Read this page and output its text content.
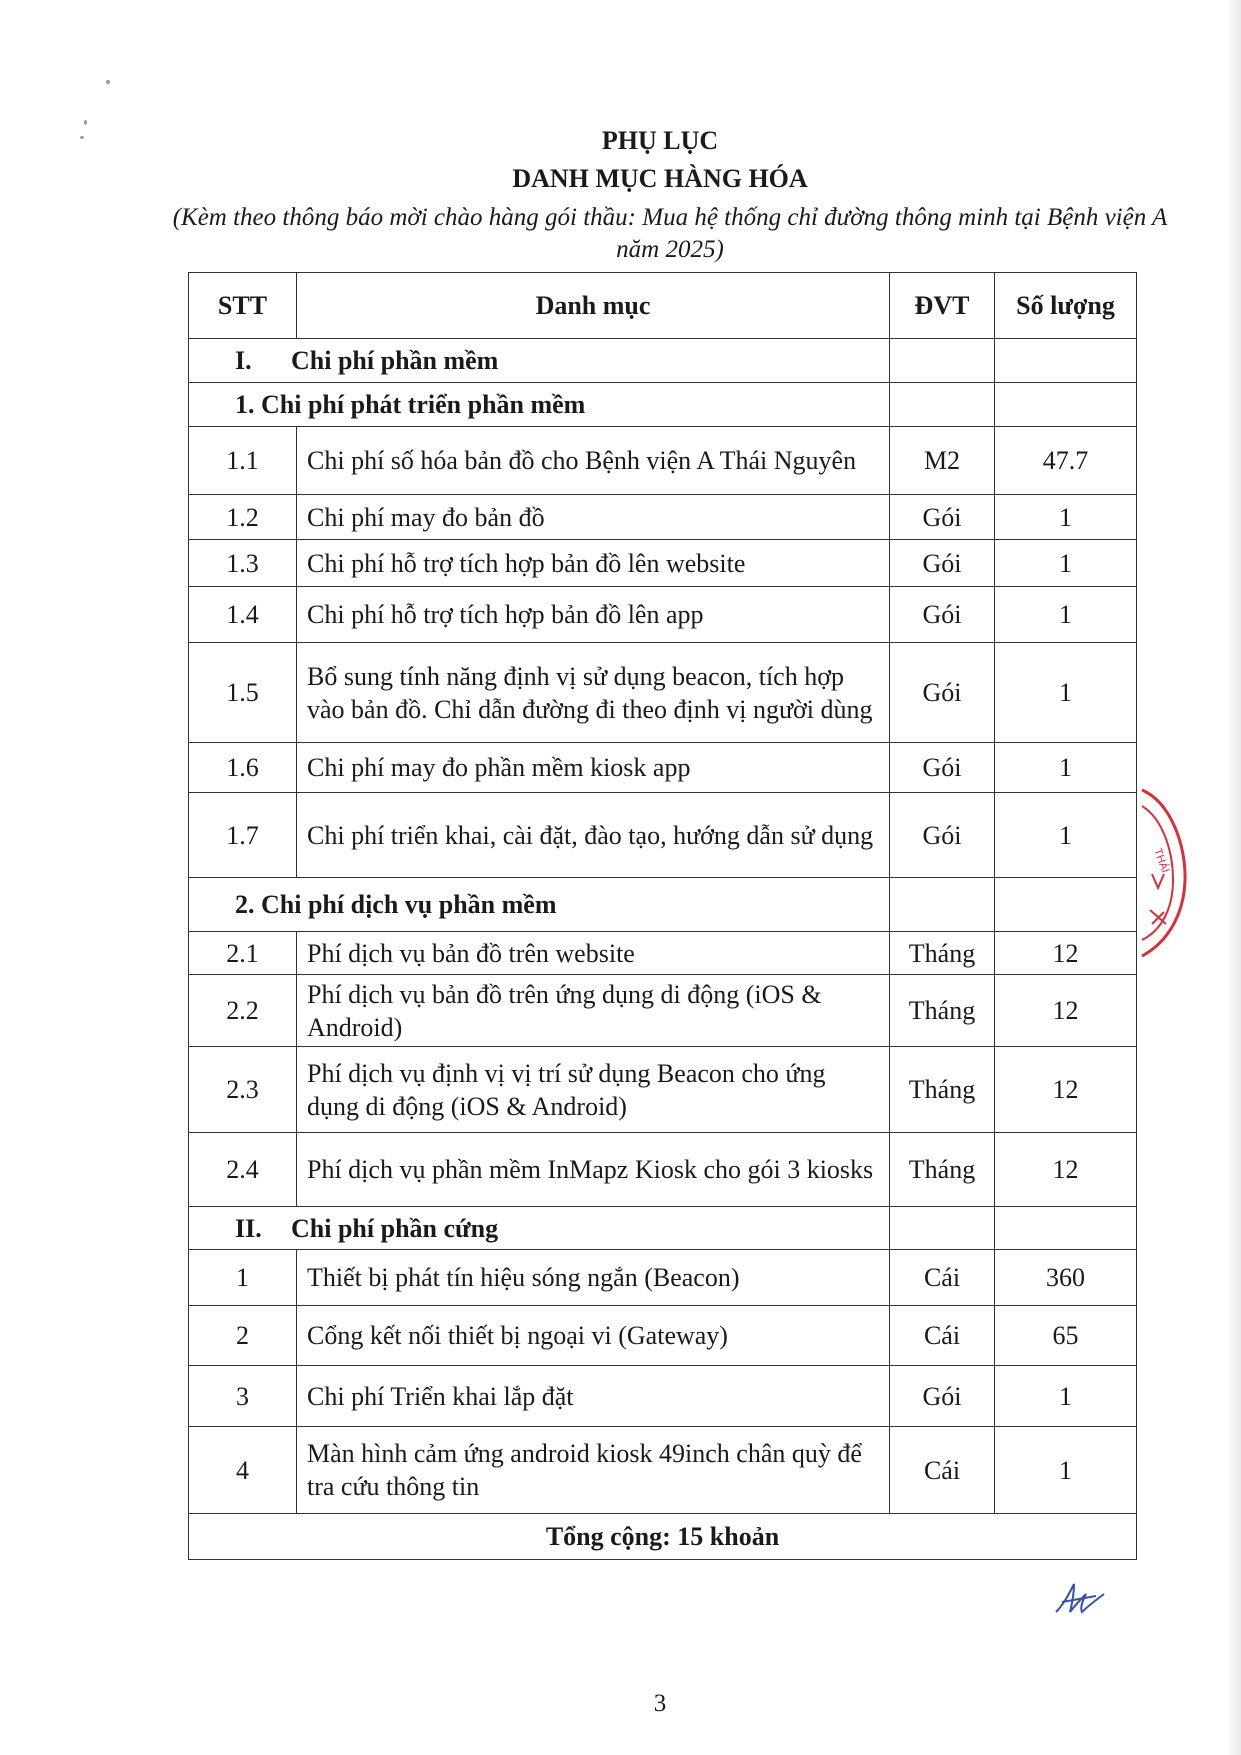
PHỤ LỤC
DANH MỤC HÀNG HÓA
(Kèm theo thông báo mời chào hàng gói thầu: Mua hệ thống chỉ đường thông minh tại Bệnh viện A năm 2025)
STT	Danh mục	ĐVT	Số lượng
I. Chi phí phần mềm			
1. Chi phí phát triển phần mềm			
1.1	Chi phí số hóa bản đồ cho Bệnh viện A Thái Nguyên	M2	47.7
1.2	Chi phí may đo bản đồ	Gói	1
1.3	Chi phí hỗ trợ tích hợp bản đồ lên website	Gói	1
1.4	Chi phí hỗ trợ tích hợp bản đồ lên app	Gói	1
1.5	Bổ sung tính năng định vị sử dụng beacon, tích hợp vào bản đồ. Chỉ dẫn đường đi theo định vị người dùng	Gói	1
1.6	Chi phí may đo phần mềm kiosk app	Gói	1
1.7	Chi phí triển khai, cài đặt, đào tạo, hướng dẫn sử dụng	Gói	1
2. Chi phí dịch vụ phần mềm			
2.1	Phí dịch vụ bản đồ trên website	Tháng	12
2.2	Phí dịch vụ bản đồ trên ứng dụng di động (iOS & Android)	Tháng	12
2.3	Phí dịch vụ định vị vị trí sử dụng Beacon cho ứng dụng di động (iOS & Android)	Tháng	12
2.4	Phí dịch vụ phần mềm InMapz Kiosk cho gói 3 kiosks	Tháng	12
II. Chi phí phần cứng			
1	Thiết bị phát tín hiệu sóng ngắn (Beacon)	Cái	360
2	Cổng kết nối thiết bị ngoại vi (Gateway)	Cái	65
3	Chi phí Triển khai lắp đặt	Gói	1
4	Màn hình cảm ứng android kiosk 49inch chân quỳ để tra cứu thông tin	Cái	1
Tổng cộng: 15 khoản			
THÁI
3
